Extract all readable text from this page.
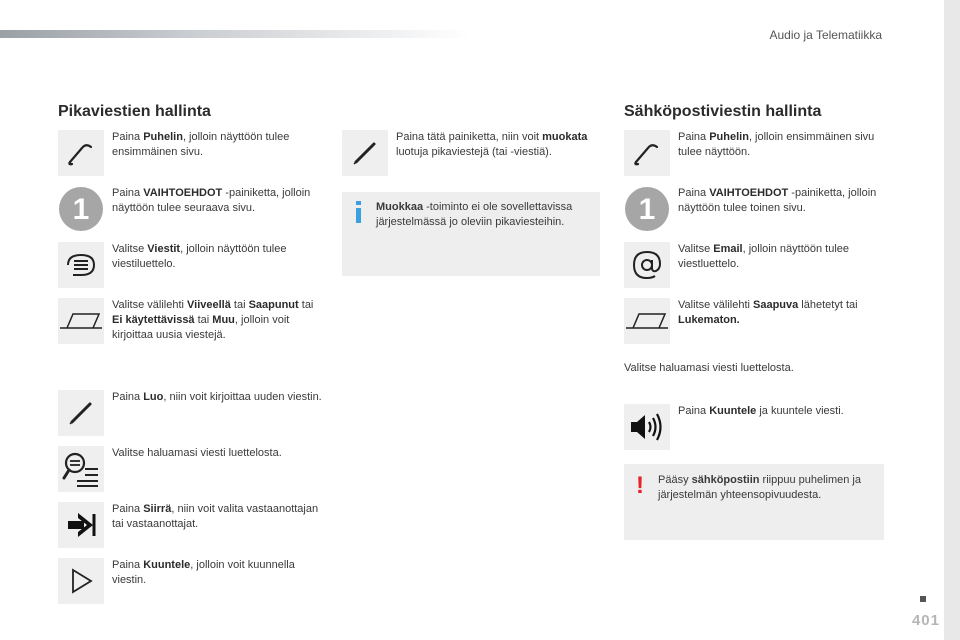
Audio ja Telematiikka
401
Pikaviestien hallinta
Paina Puhelin, jolloin näyttöön tulee ensimmäinen sivu.
1 Paina VAIHTOEHDOT -painiketta, jolloin näyttöön tulee seuraava sivu.
Valitse Viestit, jolloin näyttöön tulee viestiluettelo.
Valitse välilehti Viiveellä tai Saapunut tai Ei käytettävissä tai Muu, jolloin voit kirjoittaa uusia viestejä.
Paina Luo, niin voit kirjoittaa uuden viestin.
Valitse haluamasi viesti luettelosta.
Paina Siirrä, niin voit valita vastaanottajan tai vastaanottajat.
Paina Kuuntele, jolloin voit kuunnella viestin.
Paina tätä painiketta, niin voit muokata luotuja pikaviestejä (tai -viestiä).
Muokkaa -toiminto ei ole sovellettavissa järjestelmässä jo oleviin pikaviesteihin.
Sähköpostiviestin hallinta
Paina Puhelin, jolloin ensimmäinen sivu tulee näyttöön.
1 Paina VAIHTOEHDOT -painiketta, jolloin näyttöön tulee toinen sivu.
Valitse Email, jolloin näyttöön tulee viestluettelo.
Valitse välilehti Saapuva lähetetyt tai Lukematon.
Valitse haluamasi viesti luettelosta.
Paina Kuuntele ja kuuntele viesti.
! Pääsy sähköpostiin riippuu puhelimen ja järjestelmän yhteensopivuudesta.
